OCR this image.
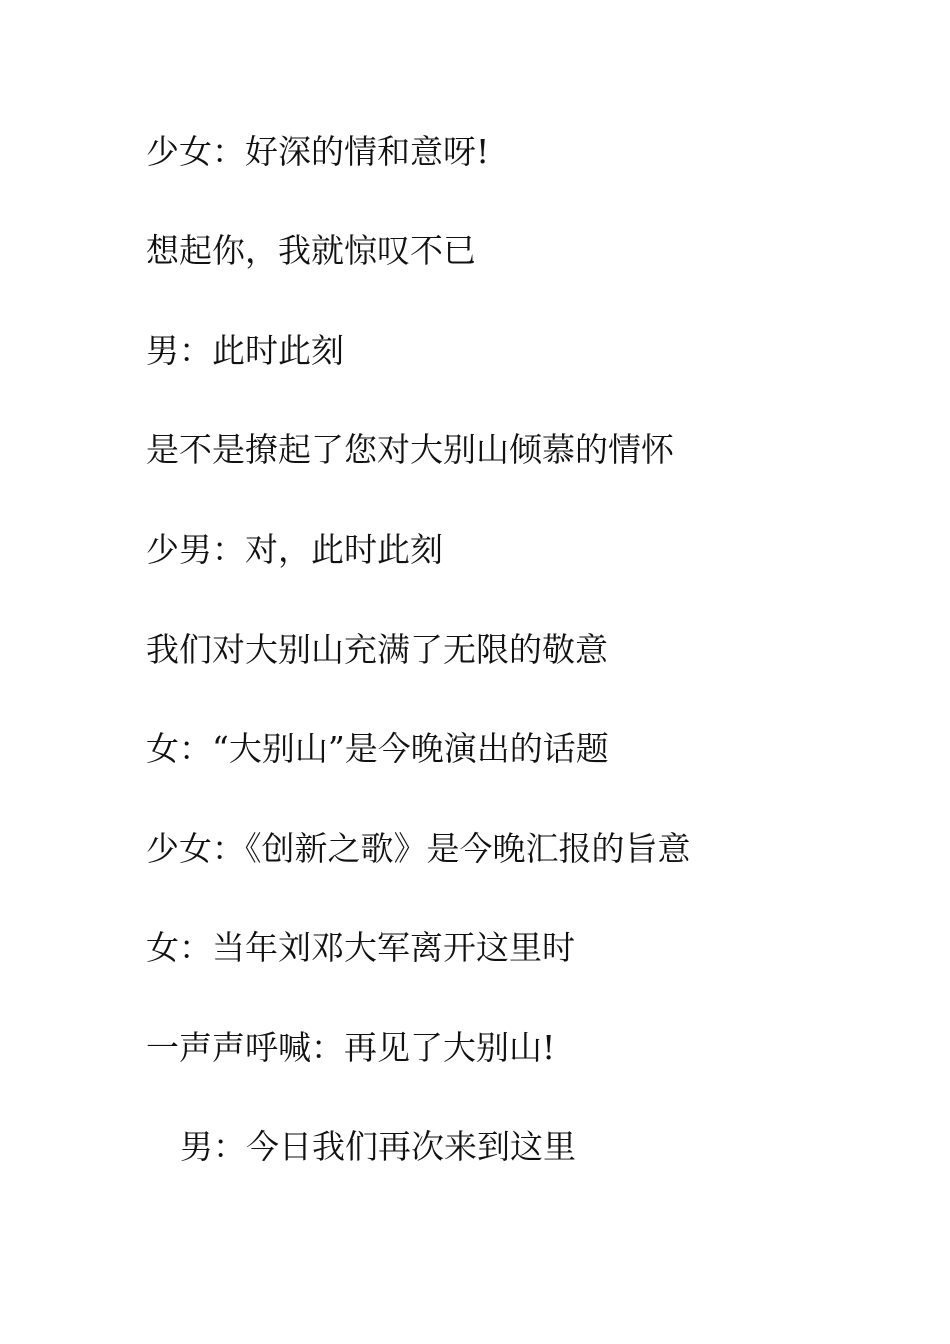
少女：好深的情和意呀!

想起你，我就惊叹不已

男：此时此刻

是不是撩起了您对大别山倾慕的情怀

少男：对，此时此刻

我们对大别山充满了无限的敬意

女：“大别山”是今晚演出的话题

少女：《创新之歌》是今晚汇报的旨意

女：当年刘邓大军离开这里时

一声声呼喊：再见了大别山!

男：今日我们再次来到这里
